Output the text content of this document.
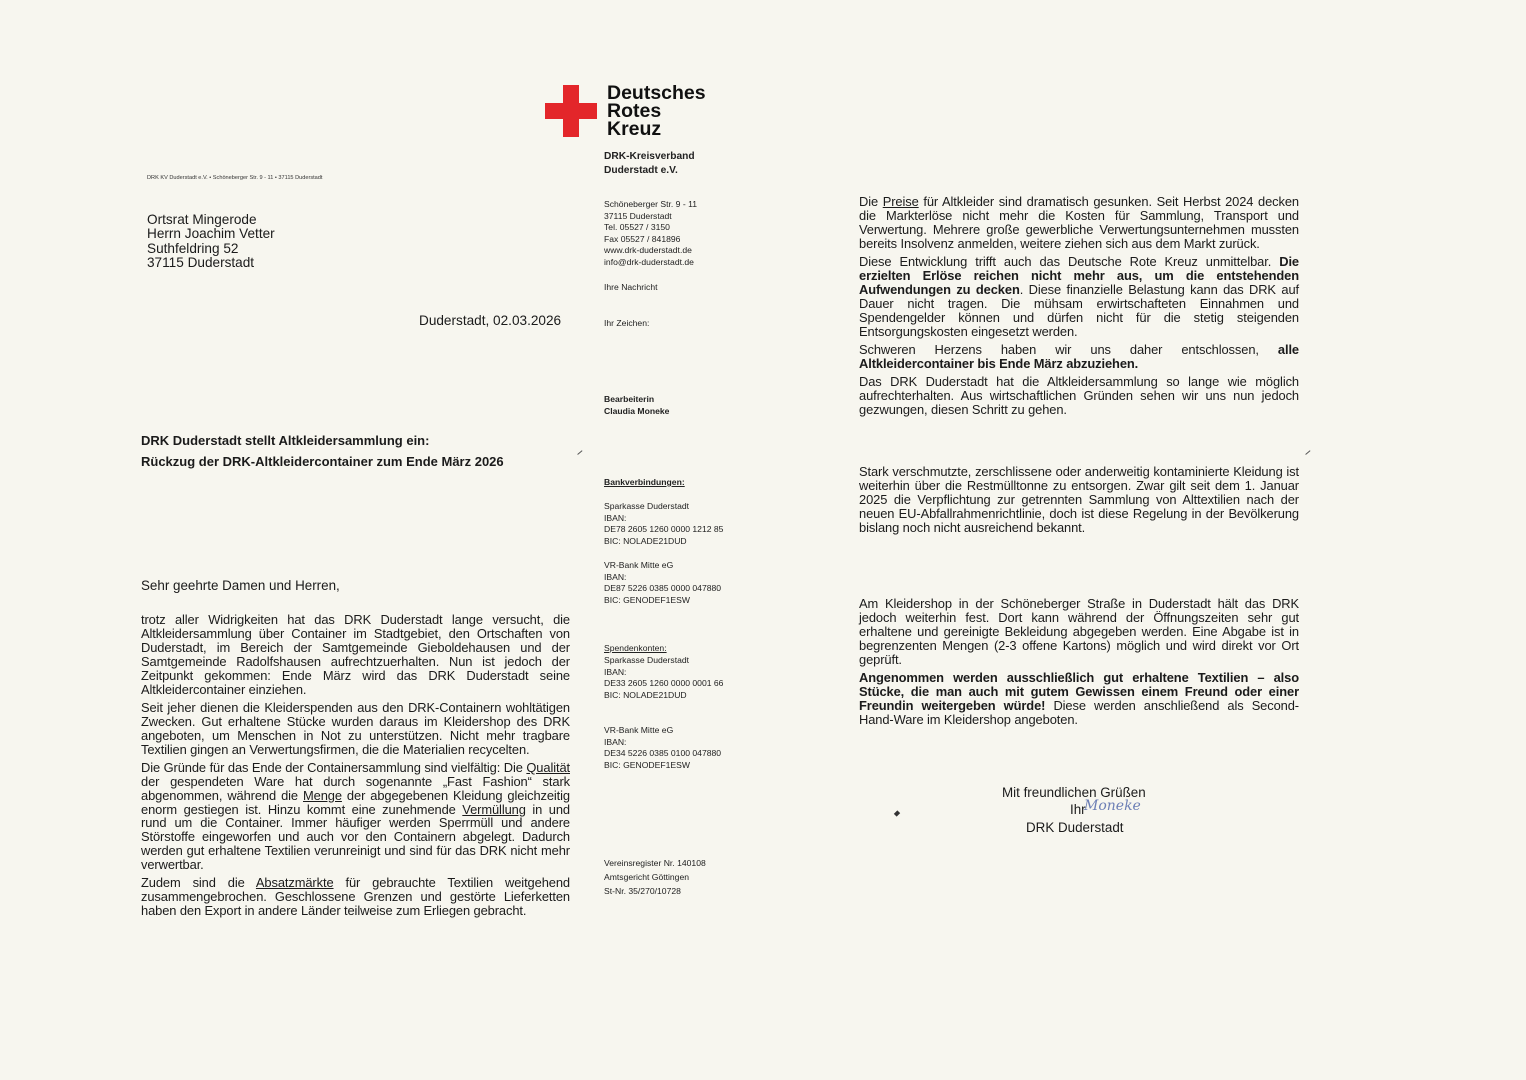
Deutsches
Rotes
Kreuz
DRK KV Duderstadt e.V. • Schöneberger Str. 9 - 11 • 37115 Duderstadt
Ortsrat Mingerode
Herrn Joachim Vetter
Suthfeldring 52
37115 Duderstadt
Duderstadt, 02.03.2026
DRK-Kreisverband
Duderstadt e.V.
Schöneberger Str. 9 - 11
37115 Duderstadt
Tel. 05527 / 3150
Fax 05527 / 841896
www.drk-duderstadt.de
info@drk-duderstadt.de
Ihre Nachricht
Ihr Zeichen:
Bearbeiterin
Claudia Moneke
Bankverbindungen:
Sparkasse Duderstadt
IBAN:
DE78 2605 1260 0000 1212 85
BIC: NOLADE21DUD
VR-Bank Mitte eG
IBAN:
DE87 5226 0385 0000 047880
BIC: GENODEF1ESW
Spendenkonten:
Sparkasse Duderstadt
IBAN:
DE33 2605 1260 0000 0001 66
BIC: NOLADE21DUD
VR-Bank Mitte eG
IBAN:
DE34 5226 0385 0100 047880
BIC: GENODEF1ESW
Vereinsregister Nr. 140108
Amtsgericht Göttingen
St-Nr. 35/270/10728
DRK Duderstadt stellt Altkleidersammlung ein:
Rückzug der DRK-Altkleidercontainer zum Ende März 2026
Sehr geehrte Damen und Herren,

trotz aller Widrigkeiten hat das DRK Duderstadt lange versucht, die Altkleidersammlung über Container im Stadtgebiet, den Ortschaften von Duderstadt, im Bereich der Samtgemeinde Gieboldehausen und der Samtgemeinde Radolfshausen aufrechtzuerhalten. Nun ist jedoch der Zeitpunkt gekommen: Ende März wird das DRK Duderstadt seine Altkleidercontainer einziehen.

Seit jeher dienen die Kleiderspenden aus den DRK-Containern wohltätigen Zwecken. Gut erhaltene Stücke wurden daraus im Kleidershop des DRK angeboten, um Menschen in Not zu unterstützen. Nicht mehr tragbare Textilien gingen an Verwertungsfirmen, die die Materialien recycelten.

Die Gründe für das Ende der Containersammlung sind vielfältig: Die Qualität der gespendeten Ware hat durch sogenannte „Fast Fashion“ stark abgenommen, während die Menge der abgegebenen Kleidung gleichzeitig enorm gestiegen ist. Hinzu kommt eine zunehmende Vermüllung in und rund um die Container. Immer häufiger werden Sperrmüll und andere Störstoffe eingeworfen und auch vor den Containern abgelegt. Dadurch werden gut erhaltene Textilien verunreinigt und sind für das DRK nicht mehr verwertbar.

Zudem sind die Absatzmärkte für gebrauchte Textilien weitgehend zusammengebrochen. Geschlossene Grenzen und gestörte Lieferketten haben den Export in andere Länder teilweise zum Erliegen gebracht.

Die Preise für Altkleider sind dramatisch gesunken. Seit Herbst 2024 decken die Markterlöse nicht mehr die Kosten für Sammlung, Transport und Verwertung. Mehrere große gewerbliche Verwertungsunternehmen mussten bereits Insolvenz anmelden, weitere ziehen sich aus dem Markt zurück.

Diese Entwicklung trifft auch das Deutsche Rote Kreuz unmittelbar. Die erzielten Erlöse reichen nicht mehr aus, um die entstehenden Aufwendungen zu decken. Diese finanzielle Belastung kann das DRK auf Dauer nicht tragen. Die mühsam erwirtschafteten Einnahmen und Spendengelder können und dürfen nicht für die stetig steigenden Entsorgungskosten eingesetzt werden.

Schweren Herzens haben wir uns daher entschlossen, alle Altkleidercontainer bis Ende März abzuziehen.

Das DRK Duderstadt hat die Altkleidersammlung so lange wie möglich aufrechterhalten. Aus wirtschaftlichen Gründen sehen wir uns nun jedoch gezwungen, diesen Schritt zu gehen.

Stark verschmutzte, zerschlissene oder anderweitig kontaminierte Kleidung ist weiterhin über die Restmülltonne zu entsorgen. Zwar gilt seit dem 1. Januar 2025 die Verpflichtung zur getrennten Sammlung von Alttextilien nach der neuen EU-Abfallrahmenrichtlinie, doch ist diese Regelung in der Bevölkerung bislang noch nicht ausreichend bekannt.

Am Kleidershop in der Schöneberger Straße in Duderstadt hält das DRK jedoch weiterhin fest. Dort kann während der Öffnungszeiten sehr gut erhaltene und gereinigte Bekleidung abgegeben werden. Eine Abgabe ist in begrenzenten Mengen (2-3 offene Kartons) möglich und wird direkt vor Ort geprüft.

Angenommen werden ausschließlich gut erhaltene Textilien – also Stücke, die man auch mit gutem Gewissen einem Freund oder einer Freundin weitergeben würde! Diese werden anschließend als Second-Hand-Ware im Kleidershop angeboten.

Mit freundlichen Grüßen
Ihr
Moneke
DRK Duderstadt
